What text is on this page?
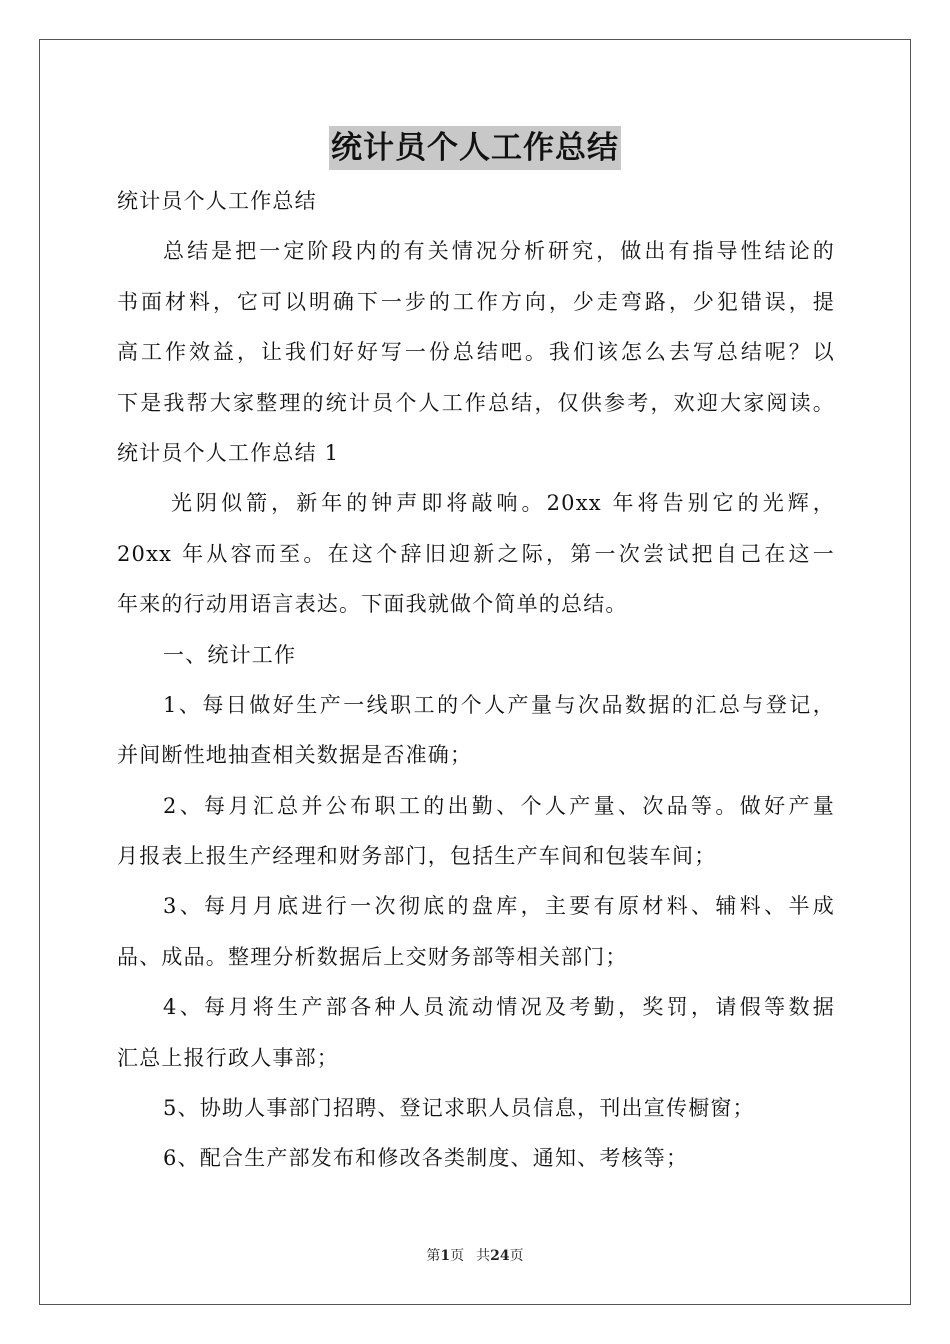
统计员个人工作总结
统计员个人工作总结
总结是把一定阶段内的有关情况分析研究，做出有指导性结论的
书面材料，它可以明确下一步的工作方向，少走弯路，少犯错误，提
高工作效益，让我们好好写一份总结吧。我们该怎么去写总结呢？以
下是我帮大家整理的统计员个人工作总结，仅供参考，欢迎大家阅读。
统计员个人工作总结 1
光阴似箭，新年的钟声即将敲响。20xx 年将告别它的光辉，
20xx 年从容而至。在这个辞旧迎新之际，第一次尝试把自己在这一
年来的行动用语言表达。下面我就做个简单的总结。
一、统计工作
1、每日做好生产一线职工的个人产量与次品数据的汇总与登记，
并间断性地抽查相关数据是否准确；
2、每月汇总并公布职工的出勤、个人产量、次品等。做好产量
月报表上报生产经理和财务部门，包括生产车间和包装车间；
3、每月月底进行一次彻底的盘库，主要有原材料、辅料、半成
品、成品。整理分析数据后上交财务部等相关部门；
4、每月将生产部各种人员流动情况及考勤，奖罚，请假等数据
汇总上报行政人事部；
5、协助人事部门招聘、登记求职人员信息，刊出宣传橱窗；
6、配合生产部发布和修改各类制度、通知、考核等；
第1页 共24页
